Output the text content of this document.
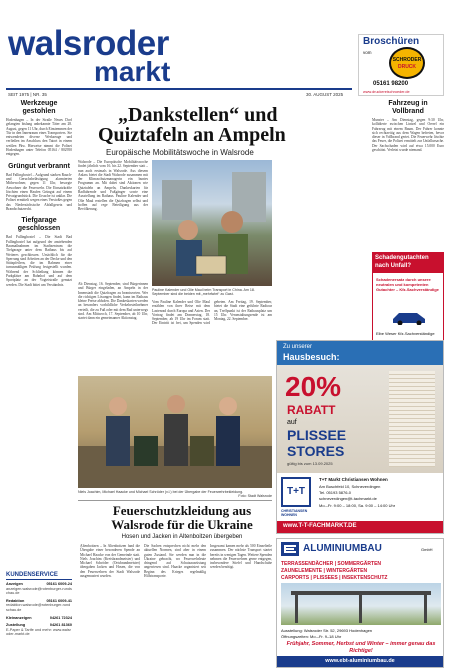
walsroder
markt
SEIT 1975 | NR. 35	30. AUGUST 2025
Broschüren
vom
SCHRODER
DRUCK
05161 98200
www.druckereischroeder.de
Werkzeuge gestohlen
Hodenhagen – In der Straße Neues Dorf gelangten bislang unbekannte Täter am 28. August, gegen 11 Uhr, durch Einstemmen der Tür in den Innenraum eines Transporters. Sie entwendeten diverse Werkzeuge und verließen im Anschluss den Tatort in einem weißen Pkw. Hinweise nimmt die Polizei Hodenhagen unter Telefon 05164 / 802950 entgegen.
Grüngut verbrannt
Bad Fallingbostel – Aufgrund starken Rauch- und Geruchsbelästigung alarmierten Mitbewohner, gegen 11 Uhr, besorgte Anwohner die Feuerwehr. Die Einsatzkräfte löschten einen Haufen Grüngut auf einem Privatgrundstück. Die Ursache ist unklar. Die Polizei ermittelt wegen eines Verstoßes gegen das Niedersächsische Abfallgesetz und Brandschutzrecht.
Tiefgarage geschlossen
Bad Fallingbostel – Die Stadt Bad Fallingbostel hat aufgrund der anstehenden Baumaßnahmen im Stadtzentrum die Tiefgarage unter dem Rathaus bis auf Weiteres geschlossen. Ursächlich für die Sperrung sind Arbeiten an der Decke und den Stützpfeilern, die im Rahmen einer turnusmäßigen Prüfung festgestellt wurden. Während der Schließung können die Parkplätze am Bahnhof und auf dem Sportplatz an der Vogteistraße genutzt werden. Die Stadt bittet um Verständnis.
KUNDENSERVICE
Anzeigen	05161 6009-24
anzeigen.walsrode@rotenburger-rundschau.de
Redaktion	05161 6009-41
redaktion.walsrode@rotenburger-rundschau.de
Kleinanzeigen	04261 72324
Zustellung	04261 81360
E-Paper & Tarife und mehr: www.walsroder-markt.de
„Dankstellen“ und
Quiztafeln an Ampeln
Europäische Mobilitätswoche in Walsrode
Walsrode – Die Europäische Mobilitätswoche findet jährlich vom 16. bis 22. September statt – nun auch erstmals in Walsrode. Aus diesem Anlass bietet die Stadt Walsrode zusammen mit der Klimaschutzmanagerin ein buntes Programm an. Mit dabei sind Aktionen wie Quiztafeln an Ampeln, Dankeskarten für Radfahrende und Fußgänger sowie eine Ausstellung im Rathaus. Pauline Kalender und Olie Maul erstellen die Quizfragen selbst und hoffen auf rege Beteiligung aus der Bevölkerung.
Pauline Kalender und Olie Maul beim Transport in China. Am 18. September sind die beiden mit „mehrfahrt“ zu Gast.
Ab Dienstag, 16. September, sind Bürgerinnen und Bürger eingeladen, an Ampeln in der Innenstadt die Quizfragen zu beantworten. Wer die richtigen Lösungen findet, kann im Rathaus kleine Preise abholen. Die Dankeskarten werden an besonders vorbildliche Verkehrsteilnehmer verteilt, die zu Fuß oder mit dem Rad unterwegs sind. Am Mittwoch, 17. September, ab 10 Uhr, startet dann ein gemeinsamer Aktionstag.
Vom Pauline Kalender und Olie Maul erzählen von ihrer Reise mit dem Lastenrad durch Europa und Asien. Der Vortrag findet am Donnerstag, 18. September, ab 19 Uhr im Forum statt. Der Eintritt ist frei, um Spenden wird gebeten. Am Freitag, 19. September, bietet die Stadt eine geführte Radtour an, Treffpunkt ist der Rathausplatz um 15 Uhr. Veranstaltungsende ist am Montag, 22. September.
Niels Joachim, Michael Haacke und Michael Schröder (v.l.) bei der Übergabe der Feuerwehrbekleidung.
Foto: Stadt Walsrode
Fahrzeug in Vollbrand
Munster – Am Dienstag, gegen 9:30 Uhr, kollidierte zwischen Lintzel und Oerrel ein Fahrzeug mit einem Baum. Der Fahrer konnte sich rechtzeitig aus dem Wagen befreien, bevor dieser in Vollbrand geriet. Die Feuerwehr löschte das Feuer, die Polizei ermittelt zur Unfallursache. Der Sachschaden wird auf etwa 15.000 Euro geschätzt. Verletzt wurde niemand.
Schadengutachten
nach Unfall?
Schadenersatz durch unsere neutralen und kompetenten Gutachter – Kfz-Sachverständige
Elbe Weser Kfz-Sachverständige
Zu unserer
Hausbesuch:
20%
RABATT
auf
PLISSEE
STORES
gültig bis zum 13.09.2025
T+T
CHRISTIANSEN WOHNEN
T+T Markt Christiansen Wohnen
Am Buschfeld 10, Schneverdingen
Tel. 05193 5876-0
schneverdingen@t-tachmarkt.de
Mo.–Fr. 9:00 – 18:00, Sa. 9:00 – 14:00 Uhr
www.T-T-FACHMARKT.DE
Feuerschutzkleidung aus
Walsrode für die Ukraine
Hosen und Jacken in Altenboitzen übergeben
Altenboitzen – In Altenboitzen fand die Übergabe einer besonderen Spende an Michael Haacke von der Gemeinde statt. Niels Joachim (Kreisbrandmeister) und Michael Schröder (Ortsbrandmeister) übergaben Jacken und Hosen, die von den Feuerwehren der Stadt Walsrode ausgemustert wurden.
Die Sachen entsprechen nicht mehr den aktuellen Normen, sind aber in einem guten Zustand. Sie werden nun in die Ukraine gebracht, wo Feuerwehrleute dringend auf Schutzausrüstung angewiesen sind. Haacke organisiert seit Beginn des Krieges regelmäßig Hilfstransporte.
Insgesamt kamen mehr als 500 Einzelteile zusammen. Der nächste Transport startet bereits in wenigen Tagen. Weitere Spenden nehmen die Feuerwehren gerne entgegen, insbesondere Stiefel und Handschuhe werden benötigt.
ALUMINIUMBAU	GmbH
TERRASSENDÄCHER | SOMMERGÄRTEN
ZAUNELEMENTE | WINTERGÄRTEN
CARPORTS | PLISSEES | INSEKTENSCHUTZ
Ausstellung: Walsroder Str. 52, 29693 Hodenhagen
Öffnungszeiten: Mo.–Fr. 9–18 Uhr
Frühjahr, Sommer, Herbst und Winter – immer genau das Richtige!
www.ebt-aluminiumbau.de
